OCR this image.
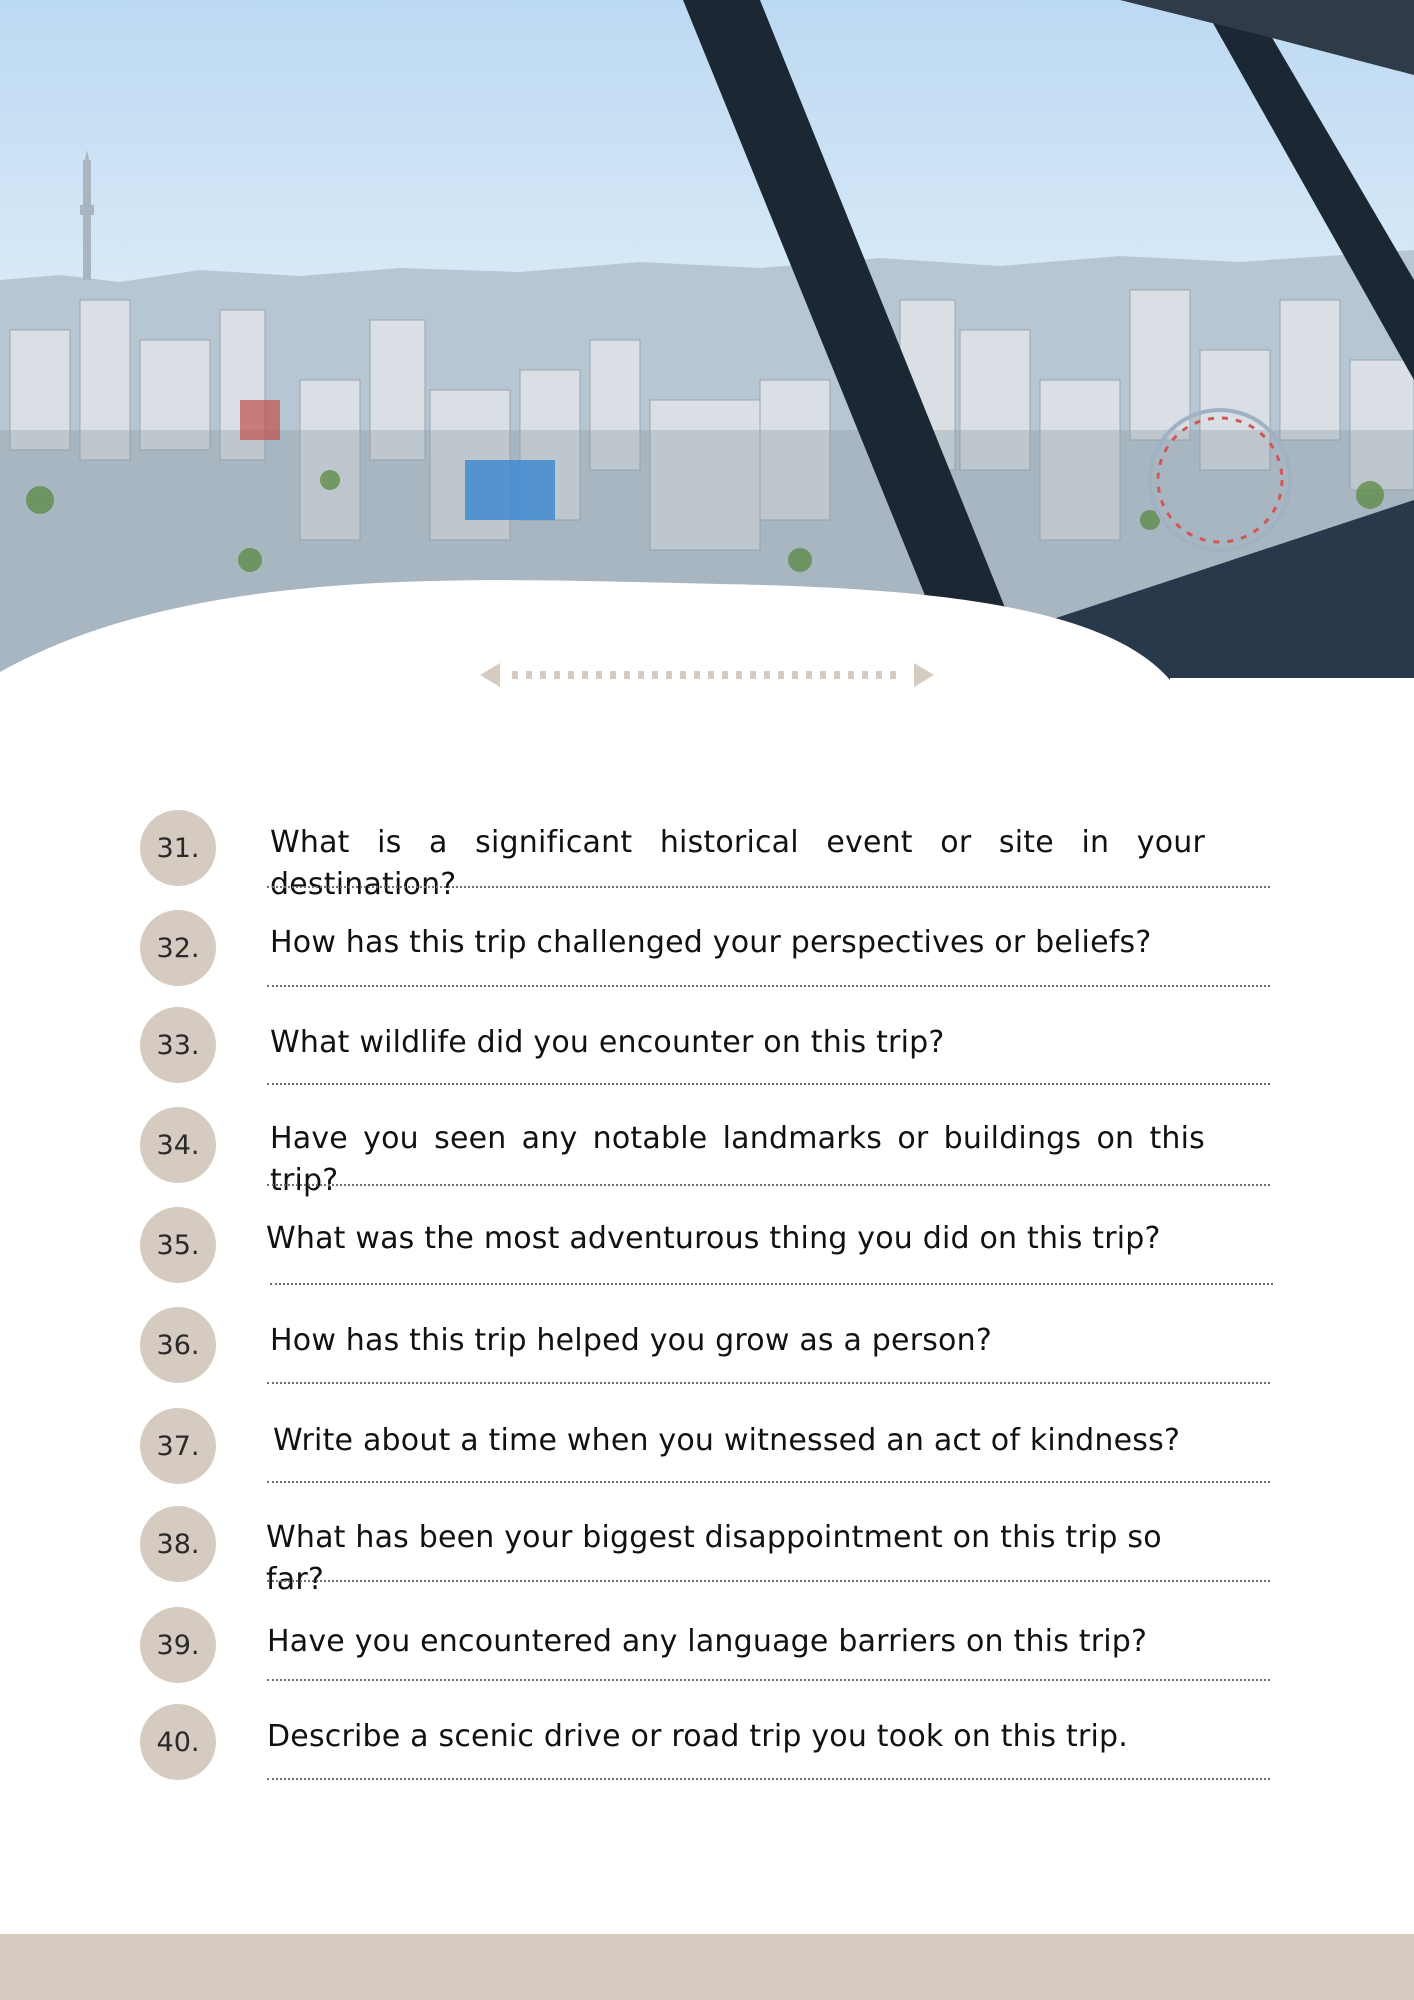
31.	What is a significant historical event or site in your destination?
32.	How has this trip challenged your perspectives or beliefs?
33.	What wildlife did you encounter on this trip?
34.	Have you seen any notable landmarks or buildings on this trip?
35.	What was the most adventurous thing you did on this trip?
36.	How has this trip helped you grow as a person?
37.	Write about a time when you witnessed an act of kindness?
38.	What has been your biggest disappointment on this trip so far?
39.	Have you encountered any language barriers on this trip?
40.	Describe a scenic drive or road trip you took on this trip.
